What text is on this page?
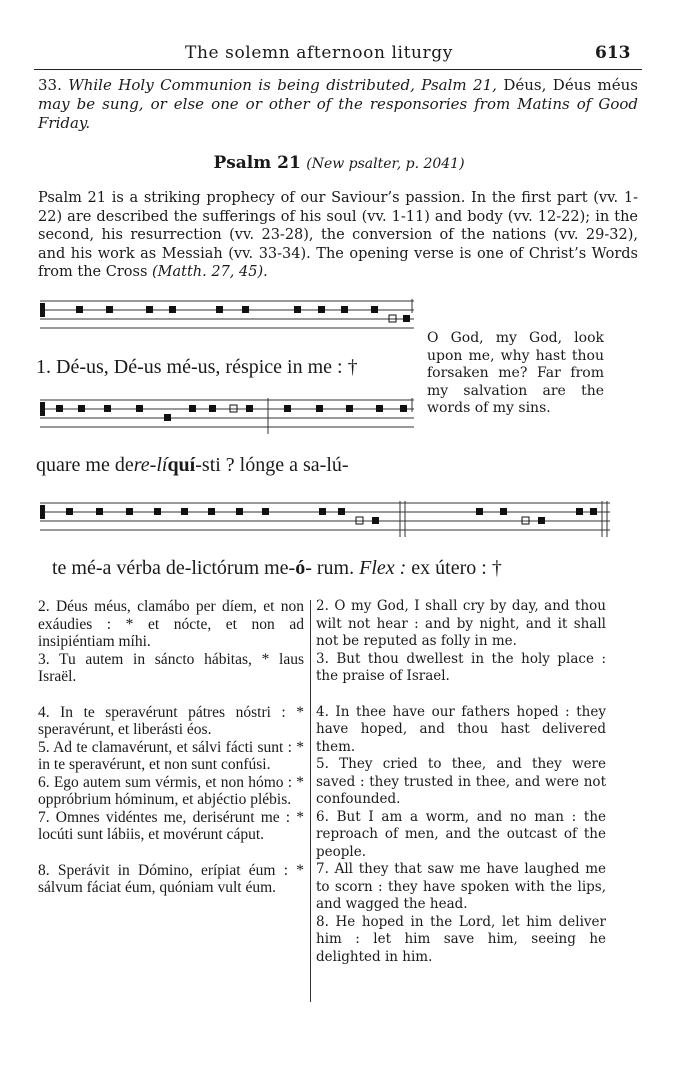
The solemn afternoon liturgy	613
33. While Holy Communion is being distributed, Psalm 21, Déus, Déus méus may be sung, or else one or other of the responsories from Matins of Good Friday.
Psalm 21 (New psalter, p. 2041)
Psalm 21 is a striking prophecy of our Saviour’s passion. In the first part (vv. 1-22) are described the sufferings of his soul (vv. 1-11) and body (vv. 12-22); in the second, his resurrection (vv. 23-28), the conversion of the nations (vv. 29-32), and his work as Messiah (vv. 33-34). The opening verse is one of Christ’s Words from the Cross (Matth. 27, 45).
1. Dé-us, Dé-us mé-us, réspice in me : †
O God, my God, look upon me, why hast thou forsaken me? Far from my salvation are the words of my sins.
quare me dere-líquí-sti ? lónge a sa-lú-
te mé-a vérba de-lictórum me-ó- rum. Flex : ex útero : †
2. Déus méus, clamábo per díem, et non exáudies : * et nócte, et non ad insipiéntiam míhi.
3. Tu autem in sáncto hábitas, * laus Israël.
4. In te speravérunt pátres nóstri : * speravérunt, et liberásti éos.
5. Ad te clamavérunt, et sálvi fácti sunt : * in te speravérunt, et non sunt confúsi.
6. Ego autem sum vérmis, et non hómo : * oppróbrium hóminum, et abjéctio plébis.
7. Omnes vidéntes me, derisérunt me : * locúti sunt lábiis, et movérunt cáput.
8. Sperávit in Dómino, erípiat éum : * sálvum fáciat éum, quóniam vult éum.
2. O my God, I shall cry by day, and thou wilt not hear : and by night, and it shall not be reputed as folly in me.
3. But thou dwellest in the holy place : the praise of Israel.
4. In thee have our fathers hoped : they have hoped, and thou hast delivered them.
5. They cried to thee, and they were saved : they trusted in thee, and were not confounded.
6. But I am a worm, and no man : the reproach of men, and the outcast of the people.
7. All they that saw me have laughed me to scorn : they have spoken with the lips, and wagged the head.
8. He hoped in the Lord, let him deliver him : let him save him, seeing he delighted in him.
